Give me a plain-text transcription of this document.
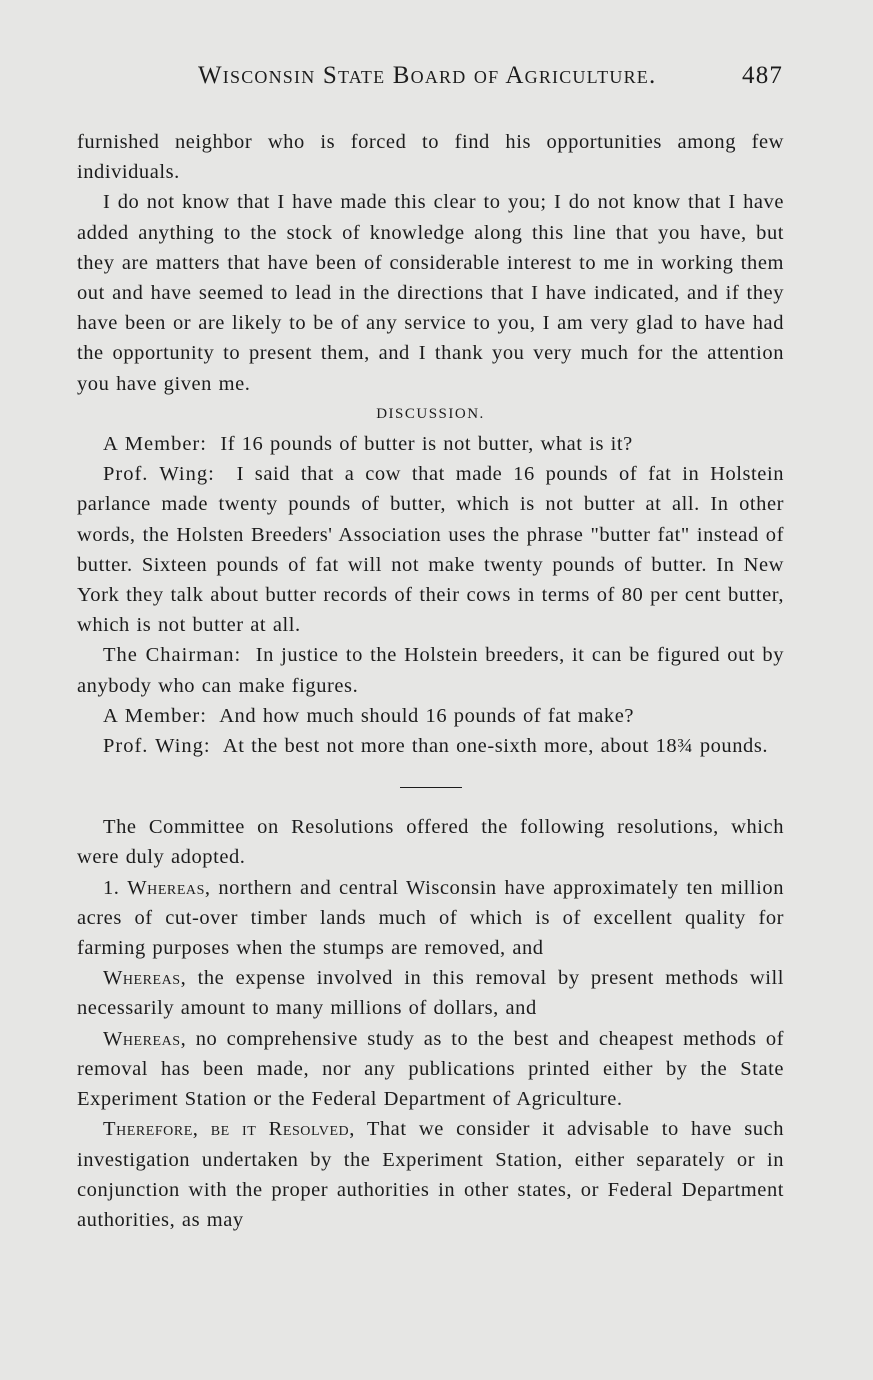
Wisconsin State Board of Agriculture.	487

furnished neighbor who is forced to find his opportunities among few individuals.

I do not know that I have made this clear to you; I do not know that I have added anything to the stock of knowledge along this line that you have, but they are matters that have been of considerable interest to me in working them out and have seemed to lead in the directions that I have indicated, and if they have been or are likely to be of any service to you, I am very glad to have had the opportunity to present them, and I thank you very much for the attention you have given me.

DISCUSSION.

A Member: If 16 pounds of butter is not butter, what is it?

Prof. Wing: I said that a cow that made 16 pounds of fat in Holstein parlance made twenty pounds of butter, which is not butter at all. In other words, the Holsten Breeders' Association uses the phrase "butter fat" instead of butter. Sixteen pounds of fat will not make twenty pounds of butter. In New York they talk about butter records of their cows in terms of 80 per cent butter, which is not butter at all.

The Chairman: In justice to the Holstein breeders, it can be figured out by anybody who can make figures.

A Member: And how much should 16 pounds of fat make?

Prof. Wing: At the best not more than one-sixth more, about 18¾ pounds.

The Committee on Resolutions offered the following resolutions, which were duly adopted.

1. Whereas, northern and central Wisconsin have approximately ten million acres of cut-over timber lands much of which is of excellent quality for farming purposes when the stumps are removed, and

Whereas, the expense involved in this removal by present methods will necessarily amount to many millions of dollars, and

Whereas, no comprehensive study as to the best and cheapest methods of removal has been made, nor any publications printed either by the State Experiment Station or the Federal Department of Agriculture.

Therefore, be it Resolved, That we consider it advisable to have such investigation undertaken by the Experiment Station, either separately or in conjunction with the proper authorities in other states, or Federal Department authorities, as may
